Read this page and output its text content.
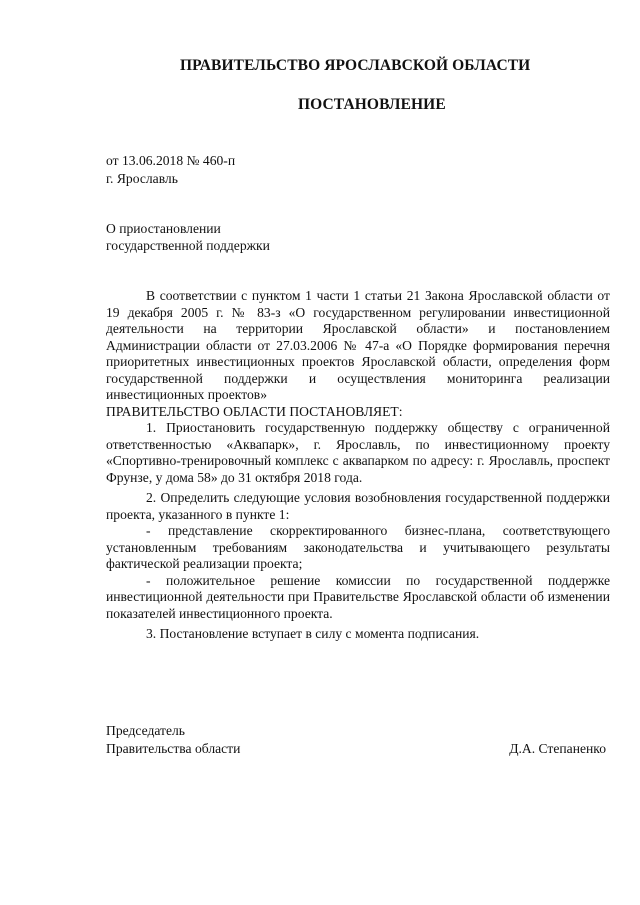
ПРАВИТЕЛЬСТВО ЯРОСЛАВСКОЙ ОБЛАСТИ
ПОСТАНОВЛЕНИЕ
от 13.06.2018 № 460-п
г. Ярославль
О приостановлении
государственной поддержки

В соответствии с пунктом 1 части 1 статьи 21 Закона Ярославской области от 19 декабря 2005 г. № 83-з «О государственном регулировании инвестиционной деятельности на территории Ярославской области» и постановлением Администрации области от 27.03.2006 № 47-а «О Порядке формирования перечня приоритетных инвестиционных проектов Ярославской области, определения форм государственной поддержки и осуществления мониторинга реализации инвестиционных проектов»

ПРАВИТЕЛЬСТВО ОБЛАСТИ ПОСТАНОВЛЯЕТ:

1. Приостановить государственную поддержку обществу с ограниченной ответственностью «Аквапарк», г. Ярославль, по инвестиционному проекту «Спортивно-тренировочный комплекс с аквапарком по адресу: г. Ярославль, проспект Фрунзе, у дома 58» до 31 октября 2018 года.

2. Определить следующие условия возобновления государственной поддержки проекта, указанного в пункте 1:

- представление скорректированного бизнес-плана, соответствующего установленным требованиям законодательства и учитывающего результаты фактической реализации проекта;

- положительное решение комиссии по государственной поддержке инвестиционной деятельности при Правительстве Ярославской области об изменении показателей инвестиционного проекта.

3. Постановление вступает в силу с момента подписания.

Председатель
Правительства области	Д.А. Степаненко
